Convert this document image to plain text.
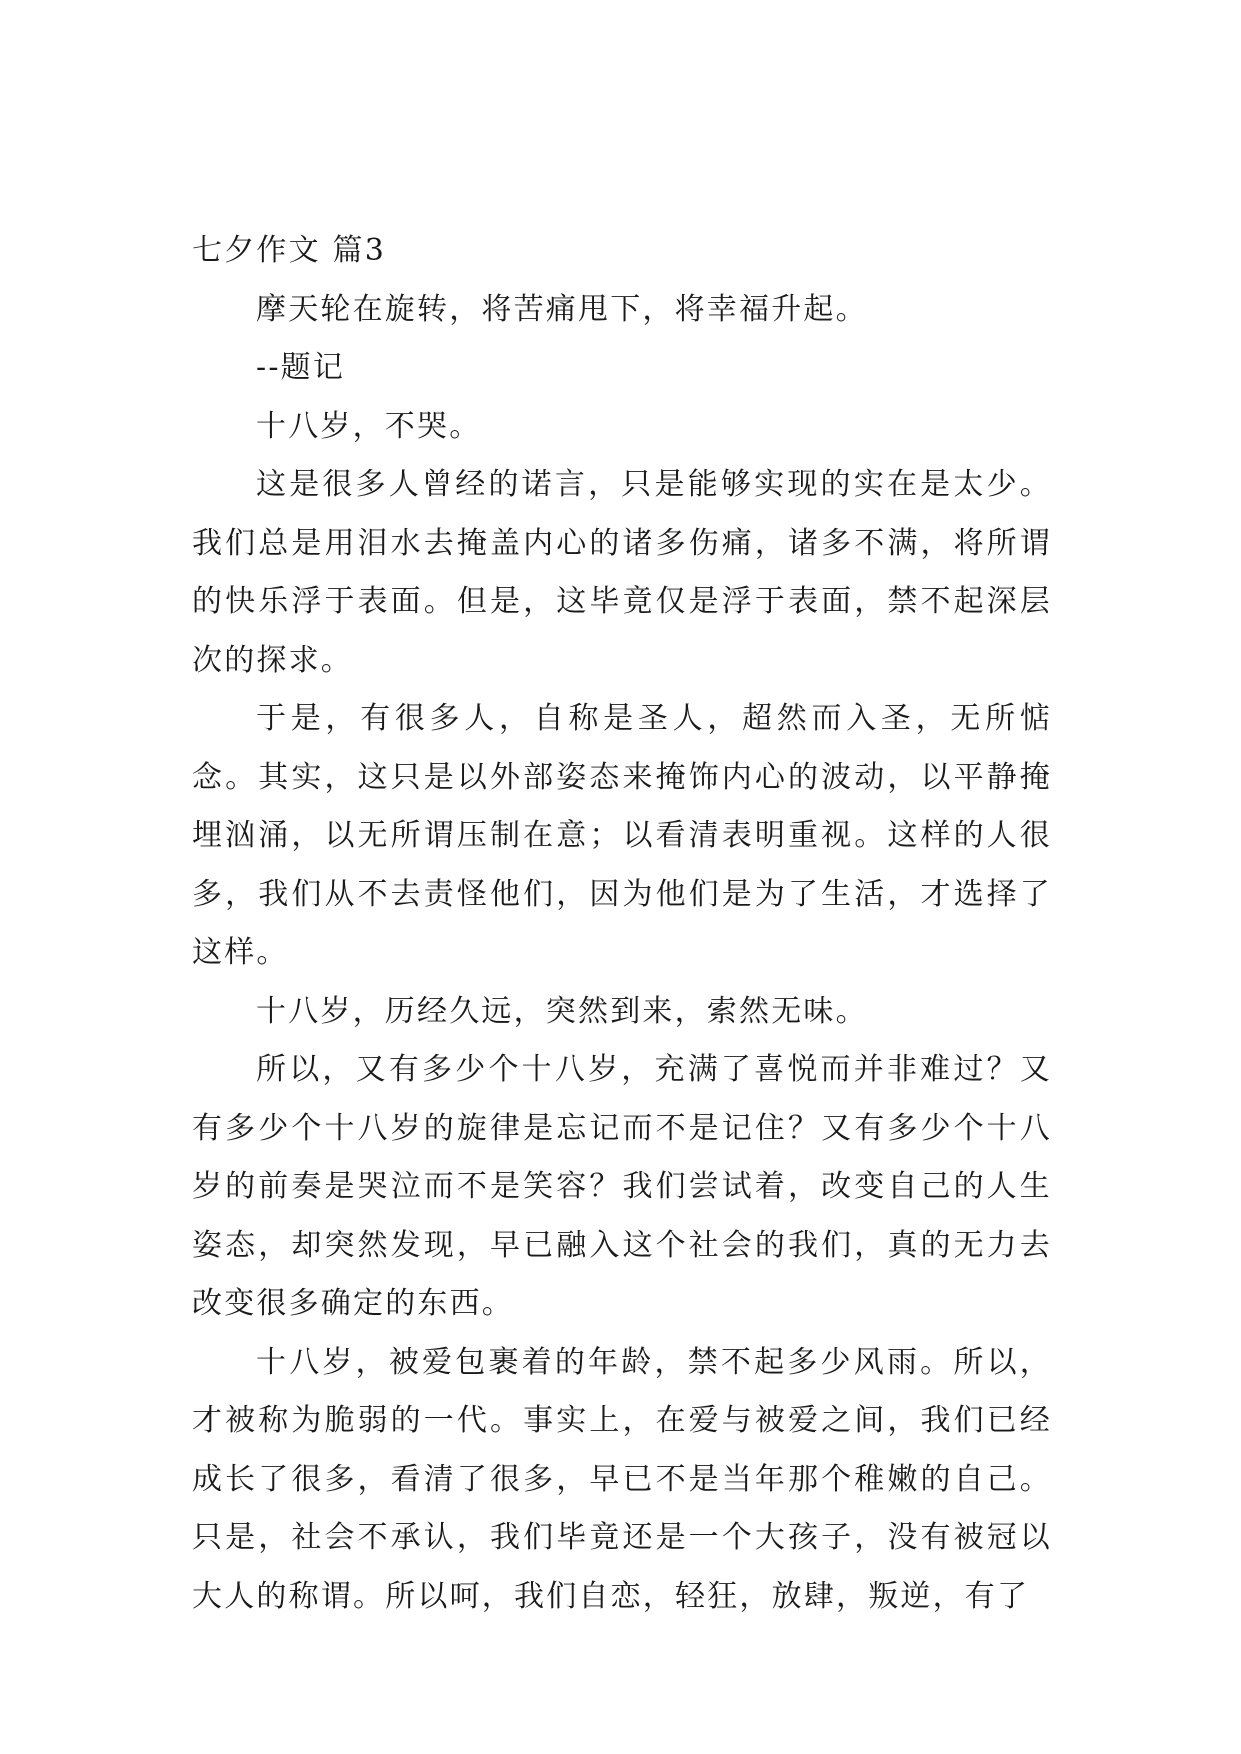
七夕作文 篇3

摩天轮在旋转，将苦痛甩下，将幸福升起。

--题记

十八岁，不哭。

这是很多人曾经的诺言，只是能够实现的实在是太少。我们总是用泪水去掩盖内心的诸多伤痛，诸多不满，将所谓的快乐浮于表面。但是，这毕竟仅是浮于表面，禁不起深层次的探求。

于是，有很多人，自称是圣人，超然而入圣，无所惦念。其实，这只是以外部姿态来掩饰内心的波动，以平静掩埋汹涌，以无所谓压制在意；以看清表明重视。这样的人很多，我们从不去责怪他们，因为他们是为了生活，才选择了这样。

十八岁，历经久远，突然到来，索然无味。

所以，又有多少个十八岁，充满了喜悦而并非难过？又有多少个十八岁的旋律是忘记而不是记住？又有多少个十八岁的前奏是哭泣而不是笑容？我们尝试着，改变自己的人生姿态，却突然发现，早已融入这个社会的我们，真的无力去改变很多确定的东西。

十八岁，被爱包裹着的年龄，禁不起多少风雨。所以，才被称为脆弱的一代。事实上，在爱与被爱之间，我们已经成长了很多，看清了很多，早已不是当年那个稚嫩的自己。只是，社会不承认，我们毕竟还是一个大孩子，没有被冠以大人的称谓。所以呵，我们自恋，轻狂，放肆，叛逆，有了
